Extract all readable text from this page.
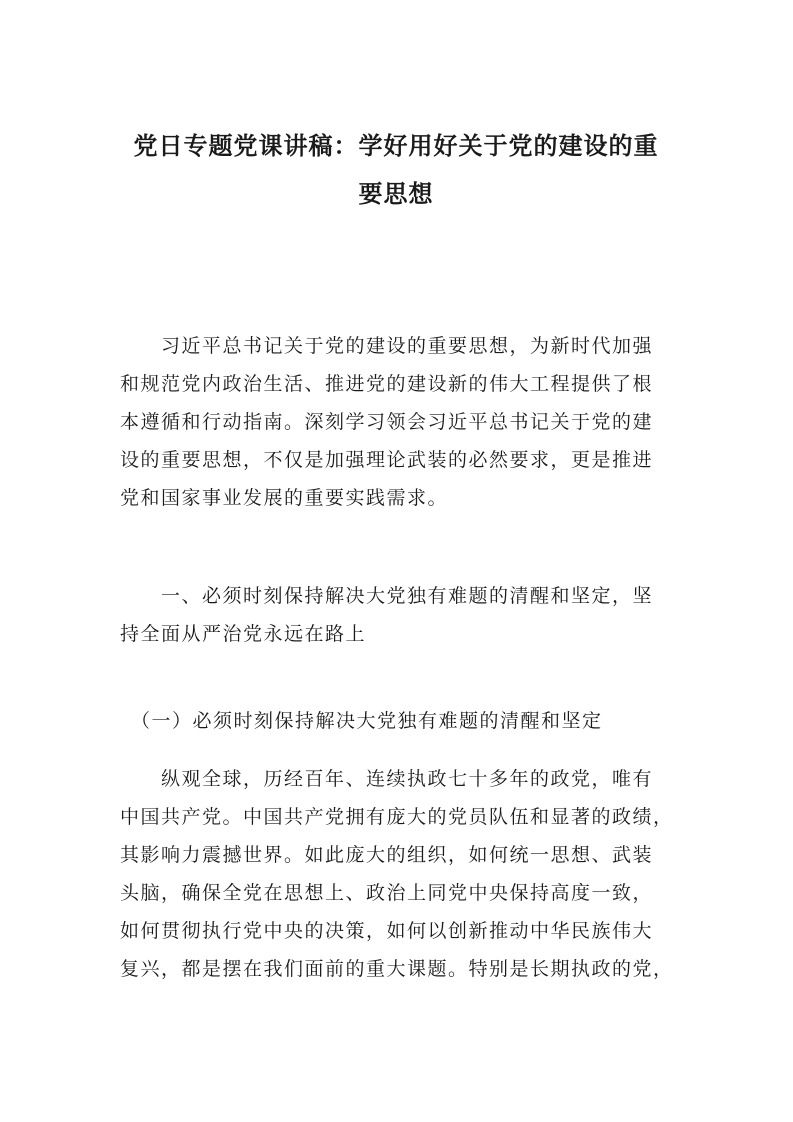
党日专题党课讲稿：学好用好关于党的建设的重
要思想

　　习近平总书记关于党的建设的重要思想，为新时代加强
和规范党内政治生活、推进党的建设新的伟大工程提供了根
本遵循和行动指南。深刻学习领会习近平总书记关于党的建
设的重要思想，不仅是加强理论武装的必然要求，更是推进
党和国家事业发展的重要实践需求。

　　一、必须时刻保持解决大党独有难题的清醒和坚定，坚
持全面从严治党永远在路上

　（一）必须时刻保持解决大党独有难题的清醒和坚定

　　纵观全球，历经百年、连续执政七十多年的政党，唯有
中国共产党。中国共产党拥有庞大的党员队伍和显著的政绩，
其影响力震撼世界。如此庞大的组织，如何统一思想、武装
头脑，确保全党在思想上、政治上同党中央保持高度一致，
如何贯彻执行党中央的决策，如何以创新推动中华民族伟大
复兴，都是摆在我们面前的重大课题。特别是长期执政的党，
